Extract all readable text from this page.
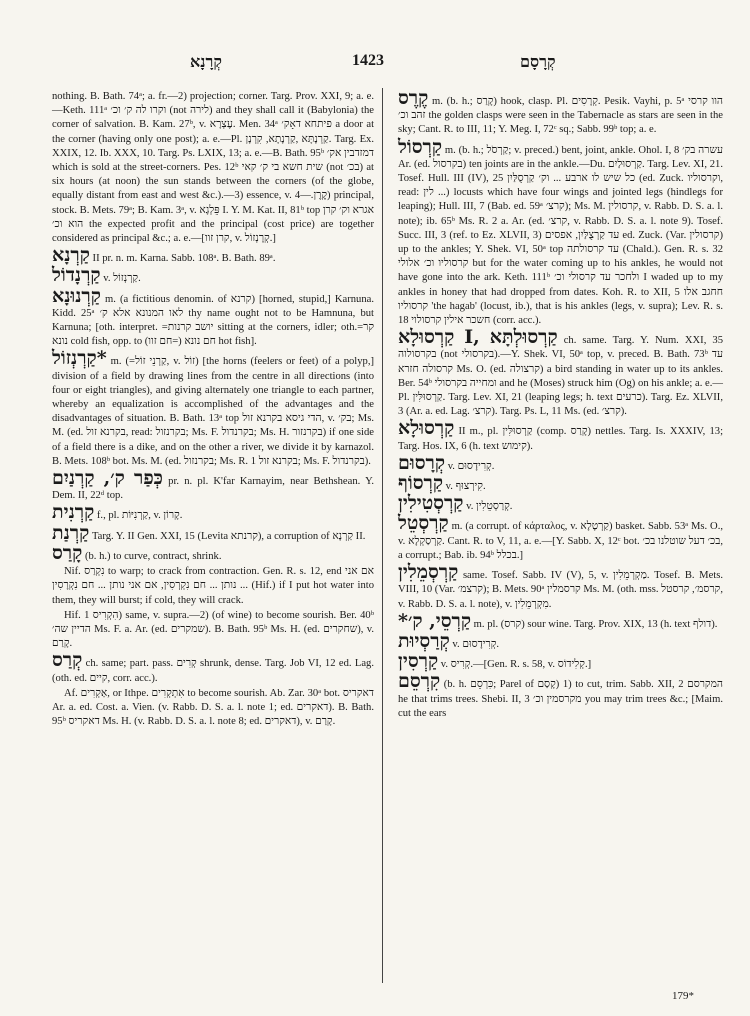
קְרָנָא	1423	קְרָסָם

nothing. B. Bath. 74ᵃ; a. fr.—2) projection; corner. Targ. Prov. XXI, 9; a. e.—Keth. 111ᵃ וקרו לה ק׳ וכ׳ (not לירה) and they shall call it (Babylonia) the corner of salvation. B. Kam. 27ᵇ, v. עֶצְרָא. Men. 34ᵃ פיתחא דאָק׳ a door at the corner (having only one post); a. e.—Pl. קַרְנָתָא, קִרְנָן, ‎קַרְנָתָּא‎. Targ. Ex. XXIX, 12. Ib. XXX, 10. Targ. Ps. LXIX, 13; a. e.—B. Bath. 95ᵇ דמזדבין אק׳ which is sold at the street-corners. Pes. 12ᵇ שית חשא בי ק׳ קאי (not בכ׳) at six hours (at noon) the sun stands between the corners (of the globe, equally distant from east and west &c.).—3) essence, v. קֶרֶן.—4) principal, stock. B. Mets. 79ᵃ; B. Kam. 3ᵃ, v. פֵּלְגָא I. Y. M. Kat. II, 81ᵇ top אגרא וק׳ קרן הוא וכ׳ the expected profit and the principal (cost price) are together considered as principal &c.; a. e.—[קרן זוו, v. קְרָנְזוֹל.]

קַרְנָא II pr. n. m. Karna. Sabb. 108ᵃ. B. Bath. 89ᵃ.

קַרְנָדוֹל v. קַרְנְזוֹל.

קַרְנוּנָא m. (a fictitious denomin. of קרנא) [horned, stupid,] Karnuna. Kidd. 25ᵃ לאו המנונא אלא ק׳ thy name ought not to be Hamnuna, but Karnuna; [oth. interpret. =יושב קרנות sitting at the corners, idler; oth.=קר נונא cold fish, opp. to חם נונא (=חם זוו) hot fish].

קַרְנְזוֹל* m. (=קַרְנֵי זוֹל, v. זוֹל) [the horns (feelers or feet) of a polyp,] division of a field by drawing lines from the centre in all directions (into four or eight triangles), and giving alternately one triangle to each partner, whereby an equalization is accomplished of the advantages and the disadvantages of situation. B. Bath. 13ᵃ top הדי גיסא בקרנא זול, v. בק׳; Ms. M. (ed. בקרנא זול, read: בקרנזול; Ms. F. בקרנדול; Ms. H. בקרנזור) if one side of a field there is a dike, and on the other a river, we divide it by karnazol. B. Mets. 108ᵇ bot. Ms. M. (ed. בקרנזול; Ms. R. 1 בקרנא זול; Ms. F. בקרנדול).

כְּפַר ק׳, קַרְנַיִם pr. n. pl. K'far Karnayim, near Bethshean. Y. Dem. II, 22ᵈ top.

קַרְנִית f., pl. קַרְנִיּוֹת, v. קָרוֹן.

קַרְנַת Targ. Y. II Gen. XXI, 15 (Levita קרנתא), a corruption of קַרְנָא II.

קָרַס (b. h.) to curve, contract, shrink.

Nif. נִקְרַס to warp; to crack from contraction. Gen. R. s. 12, end אם אני נותן ... חם נִקְרְסִין, אם אני נותן ... חם נִקְרָסִין ... (Hif.) if I put hot water into them, they will burst; if cold, they will crack.

Hif. הִקְרִיס 1) same, v. supra.—2) (of wine) to become sourish. Ber. 40ᵇ הדיין שה׳ Ms. F. a. Ar. (ed. שמקרים). B. Bath. 95ᵇ Ms. H. (ed. שחקרים), v. קָרַם.

קְרַס ch. same; part. pass. קְרִים shrunk, dense. Targ. Job VI, 12 ed. Lag. (oth. ed. קיים, corr. acc.).

Af. אַקְרִים, or Ithpe. אִתְקְרִים to become sourish. Ab. Zar. 30ᵃ bot. דאקריס Ar. a. ed. Cost. a. Vien. (v. Rabb. D. S. a. l. note 1; ed. דאקרים). B. Bath. 95ᵇ דאקריס Ms. H. (v. Rabb. D. S. a. l. note 8; ed. דאקרים), v. קָרַם.

קֶרֶס m. (b. h.; קָרַס) hook, clasp. Pl. קְרָסִים. Pesik. Vayhi, p. 5ᵃ הוו קרסי זהב וכ׳ the golden clasps were seen in the Tabernacle as stars are seen in the sky; Cant. R. to III, 11; Y. Meg. I, 72ᶜ sq.; Sabb. 99ᵇ top; a. e.

קַרְסוֹל m. (b. h.; קַרְסֹל; v. preced.) bent, joint, ankle. Ohol. I, 8 עשרה בק׳ Ar. (ed. בקרסול) ten joints are in the ankle.—Du. קַרְסוּלַיִם. Targ. Lev. XI, 21. Tosef. Hull. III (IV), 25 כל שיש לו ארבע ... וק׳ קַרְסֻלַּיִן (ed. Zuck. וקרסוליו, read: לין ...) locusts which have four wings and jointed legs (hindlegs for leaping); Hull. III, 7 (Bab. ed. 59ᵃ קרצ׳); Ms. M. קרסולין, v. Rabb. D. S. a. l. note); ib. 65ᵇ Ms. R. 2 a. Ar. (ed. קרצ׳, v. Rabb. D. S. a. l. note 9). Tosef. Succ. III, 3 (ref. to Ez. XLVII, 3) עד קַרְצֻלַּיִן, אפסים ed. Zuck. (Var. קרסולין) up to the ankles; Y. Shek. VI, 50ᵃ top עד קרסולתה (Chald.). Gen. R. s. 32 קרסוליו וכ׳ אלולי but for the water coming up to his ankles, he would not have gone into the ark. Keth. 111ᵇ ולחכר עד קרסולי וכ׳ I waded up to my ankles in honey that had dropped from dates. Koh. R. to XII, 5 חחגב אלו קרסוליו 'the hagab' (locust, ib.), that is his ankles (legs, v. supra); Lev. R. s. 18 חשכר אילין קרסולוי (corr. acc.).

קַרְסוּלָא I, קַרְסוּלְתָּא ch. same. Targ. Y. Num. XXI, 35 בקרסולוה (not בקרסולי).—Y. Shek. VI, 50ᵃ top, v. preced. B. Bath. 73ᵇ עד קרסולה חזרא Ms. O. (ed. קרצולה) a bird standing in water up to its ankles. Ber. 54ᵇ ומחייה בקרסולי and he (Moses) struck him (Og) on his ankle; a. e.—Pl. קַרְסוּלִּין. Targ. Lev. XI, 21 (leaping legs; h. text כרעים). Targ. Ez. XLVII, 3 (Ar. a. ed. Lag. קרצ׳). Targ. Ps. L, 11 Ms. (ed. קרצ׳).

קַרְסוּלָא II m., pl. קַרְסוּלִּין (comp. קָרַס) nettles. Targ. Is. XXXIV, 13; Targ. Hos. IX, 6 (h. text קימוש).

קְרָסוּם v. קְרִידָסוּם.

קַרְסוֹף v. קִירְצוּף.

קַרְסְטִילִין v. קְרַסְטֵלִין.

קַרְסְטֵל m. (a corrupt. of κάρταλος, v. קַרְטָלָא) basket. Sabb. 53ᵃ Ms. O., v. קַרְסַקְלָא. Cant. R. to V, 11, a. e.—[Y. Sabb. X, 12ᶜ bot. בכ׳ דעל שוטלנו בכ׳, a corrupt.; Bab. ib. 94ᵇ בכלל.]

קַרְסְמֵלִין same. Tosef. Sabb. IV (V), 5, v. מַקְרְמֵלִין. Tosef. B. Mets. VIII, 10 (Var. קרצמ׳); B. Mets. 90ᵃ קרסמלין Ms. M. (oth. mss. קרסמ׳, קרסטל, v. Rabb. D. S. a. l. note), v. מִקְרְמֵלִין.

*קַרְסֵי, ק׳ m. pl. (קרס) sour wine. Targ. Prov. XIX, 13 (h. text דולף).

קְרַסְיוּת v. קְרִידָסוּם.

קַרְסִין v. קְרִיס.—[Gen. R. s. 58, v. קְלִידוֹס.]

קִרְסֵם (b. h. כִּרְסֵם; Parel of קָסַם) 1) to cut, trim. Sabb. XII, 2 המקרסם he that trims trees. Shebi. II, 3 מקרסמין וכ׳ you may trim trees &c.; [Maim. cut the ears

179*
